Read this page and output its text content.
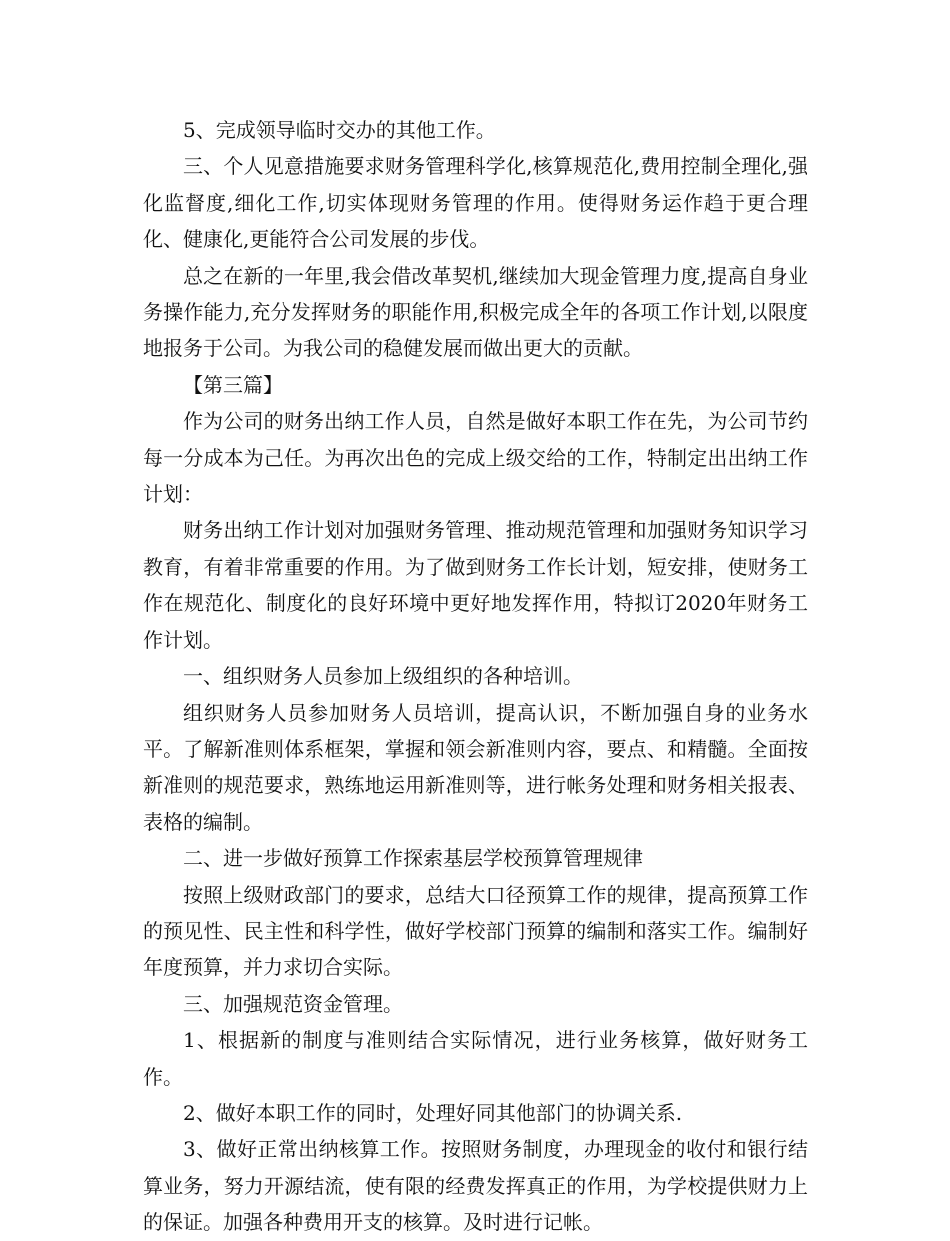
5、完成领导临时交办的其他工作。

三、个人见意措施要求财务管理科学化,核算规范化,费用控制全理化,强化监督度,细化工作,切实体现财务管理的作用。使得财务运作趋于更合理化、健康化,更能符合公司发展的步伐。

总之在新的一年里,我会借改革契机,继续加大现金管理力度,提高自身业务操作能力,充分发挥财务的职能作用,积极完成全年的各项工作计划,以限度地报务于公司。为我公司的稳健发展而做出更大的贡献。

【第三篇】

作为公司的财务出纳工作人员，自然是做好本职工作在先，为公司节约每一分成本为己任。为再次出色的完成上级交给的工作，特制定出出纳工作计划：

财务出纳工作计划对加强财务管理、推动规范管理和加强财务知识学习教育，有着非常重要的作用。为了做到财务工作长计划，短安排，使财务工作在规范化、制度化的良好环境中更好地发挥作用，特拟订2020年财务工作计划。

一、组织财务人员参加上级组织的各种培训。

组织财务人员参加财务人员培训，提高认识，不断加强自身的业务水平。了解新准则体系框架，掌握和领会新准则内容，要点、和精髓。全面按新准则的规范要求，熟练地运用新准则等，进行帐务处理和财务相关报表、表格的编制。

二、进一步做好预算工作探索基层学校预算管理规律

按照上级财政部门的要求，总结大口径预算工作的规律，提高预算工作的预见性、民主性和科学性，做好学校部门预算的编制和落实工作。编制好年度预算，并力求切合实际。

三、加强规范资金管理。

1、根据新的制度与准则结合实际情况，进行业务核算，做好财务工作。

2、做好本职工作的同时，处理好同其他部门的协调关系.

3、做好正常出纳核算工作。按照财务制度，办理现金的收付和银行结算业务，努力开源结流，使有限的经费发挥真正的作用，为学校提供财力上的保证。加强各种费用开支的核算。及时进行记帐。
